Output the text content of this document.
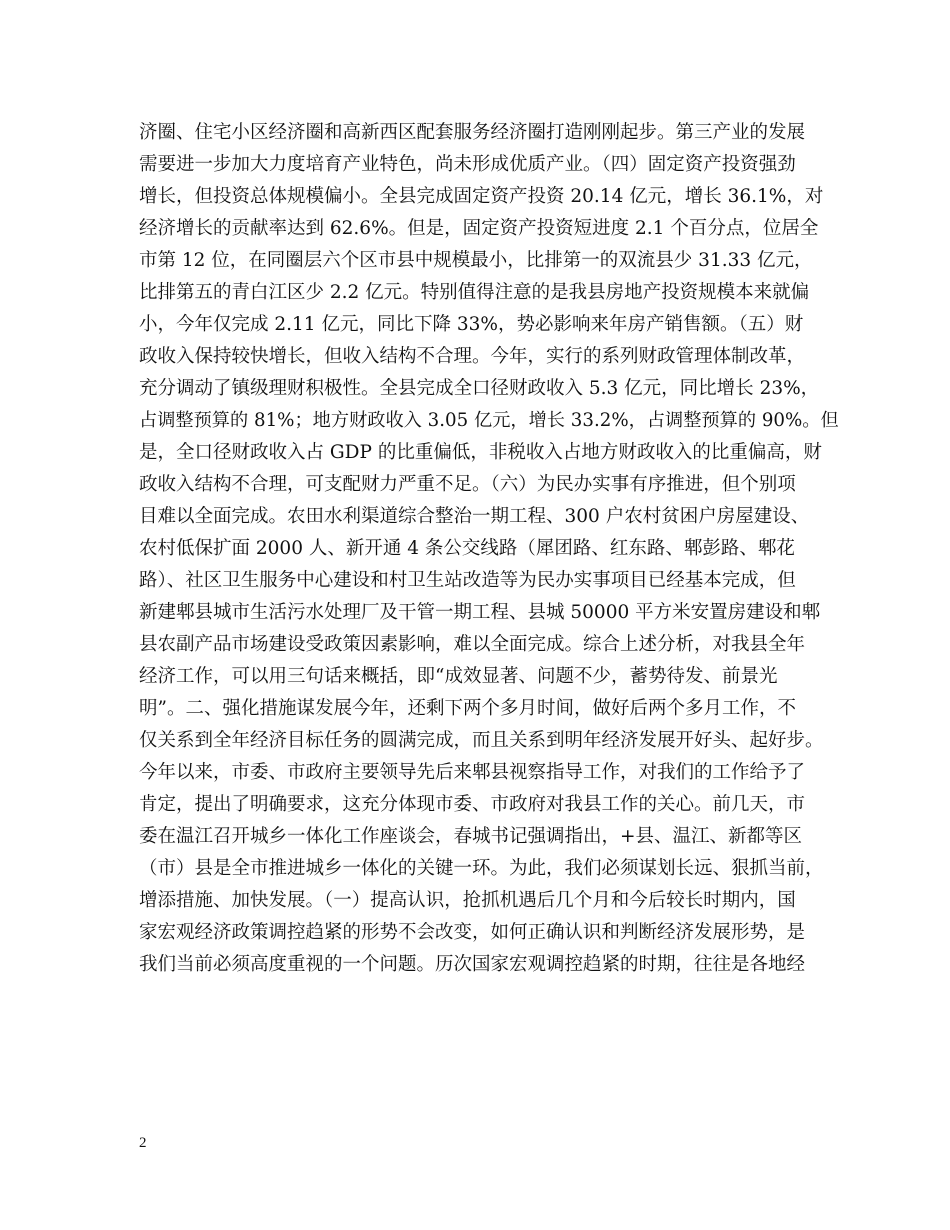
济圈、住宅小区经济圈和高新西区配套服务经济圈打造刚刚起步。第三产业的发展
需要进一步加大力度培育产业特色，尚未形成优质产业。（四）固定资产投资强劲
增长，但投资总体规模偏小。全县完成固定资产投资 20.14 亿元，增长 36.1%，对
经济增长的贡献率达到 62.6%。但是，固定资产投资短进度 2.1 个百分点，位居全
市第 12 位，在同圈层六个区市县中规模最小，比排第一的双流县少 31.33 亿元，
比排第五的青白江区少 2.2 亿元。特别值得注意的是我县房地产投资规模本来就偏
小，今年仅完成 2.11 亿元，同比下降 33%，势必影响来年房产销售额。（五）财
政收入保持较快增长，但收入结构不合理。今年，实行的系列财政管理体制改革，
充分调动了镇级理财积极性。全县完成全口径财政收入 5.3 亿元，同比增长 23%，
占调整预算的 81%；地方财政收入 3.05 亿元，增长 33.2%，占调整预算的 90%。但
是，全口径财政收入占 GDP 的比重偏低，非税收入占地方财政收入的比重偏高，财
政收入结构不合理，可支配财力严重不足。（六）为民办实事有序推进，但个别项
目难以全面完成。农田水利渠道综合整治一期工程、300 户农村贫困户房屋建设、
农村低保扩面 2000 人、新开通 4 条公交线路（犀团路、红东路、郫彭路、郫花
路）、社区卫生服务中心建设和村卫生站改造等为民办实事项目已经基本完成，但
新建郫县城市生活污水处理厂及干管一期工程、县城 50000 平方米安置房建设和郫
县农副产品市场建设受政策因素影响，难以全面完成。综合上述分析，对我县全年
经济工作，可以用三句话来概括，即“成效显著、问题不少，蓄势待发、前景光
明”。二、强化措施谋发展今年，还剩下两个多月时间，做好后两个多月工作，不
仅关系到全年经济目标任务的圆满完成，而且关系到明年经济发展开好头、起好步。
今年以来，市委、市政府主要领导先后来郫县视察指导工作，对我们的工作给予了
肯定，提出了明确要求，这充分体现市委、市政府对我县工作的关心。前几天，市
委在温江召开城乡一体化工作座谈会，春城书记强调指出，+县、温江、新都等区
（市）县是全市推进城乡一体化的关键一环。为此，我们必须谋划长远、狠抓当前，
增添措施、加快发展。（一）提高认识，抢抓机遇后几个月和今后较长时期内，国
家宏观经济政策调控趋紧的形势不会改变，如何正确认识和判断经济发展形势，是
我们当前必须高度重视的一个问题。历次国家宏观调控趋紧的时期，往往是各地经
2
